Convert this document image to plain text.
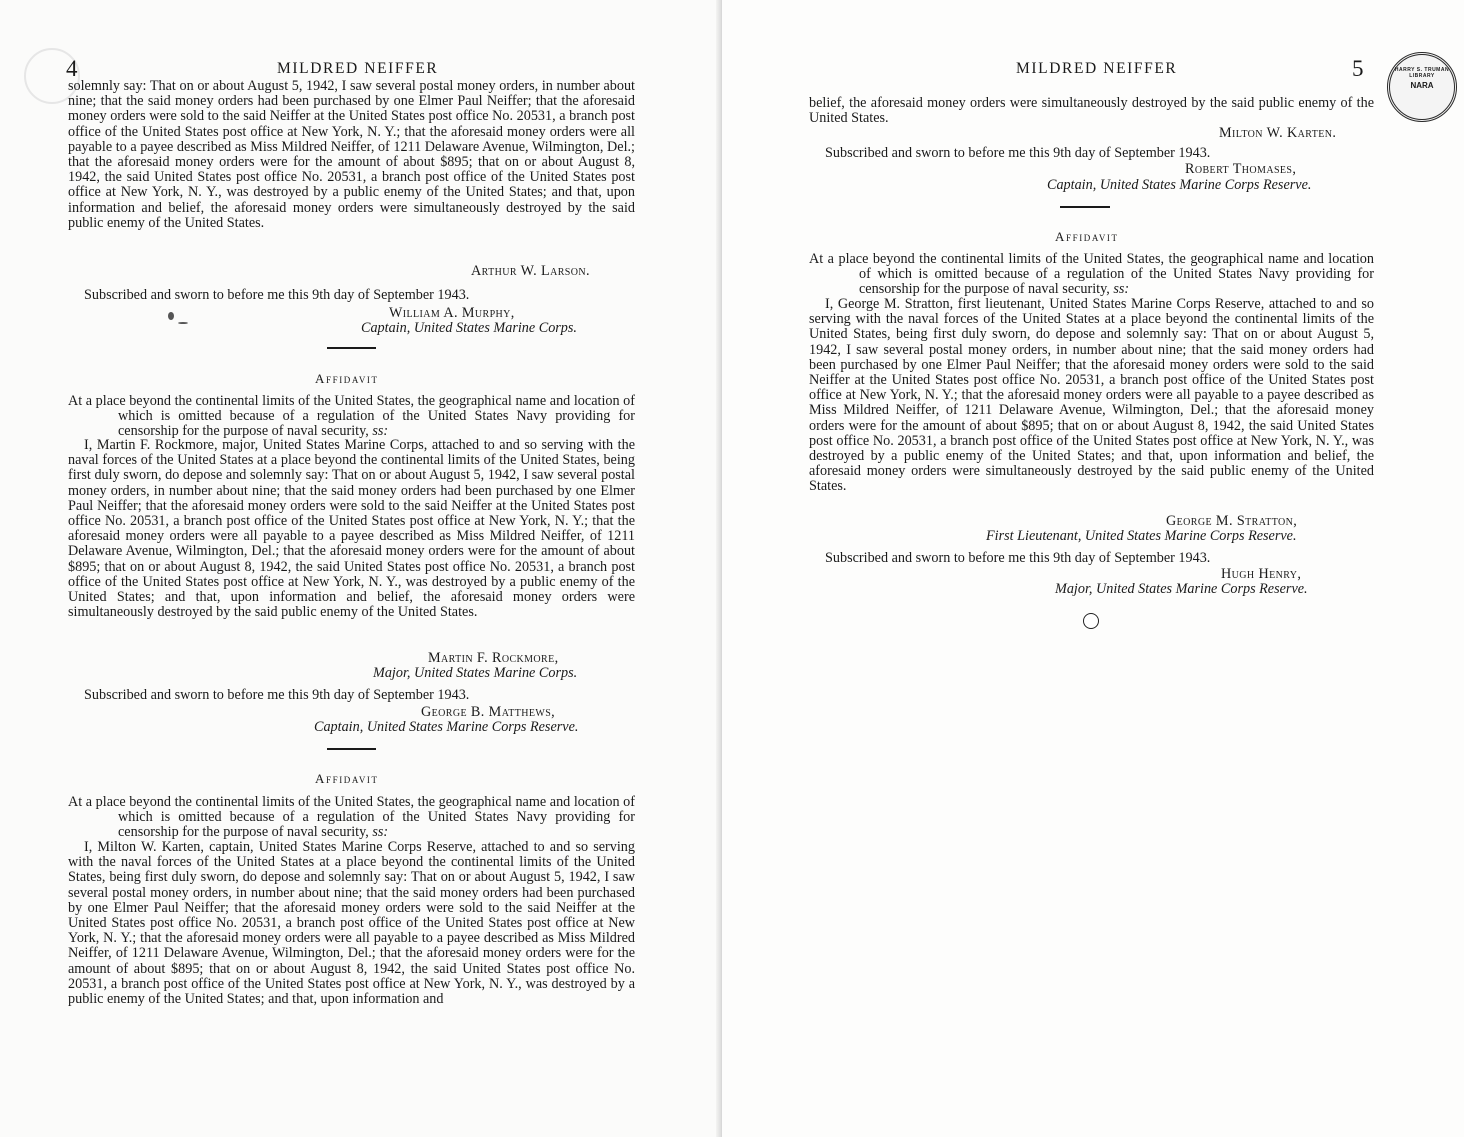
4	MILDRED NEIFFER

solemnly say: That on or about August 5, 1942, I saw several postal money orders, in number about nine; that the said money orders had been purchased by one Elmer Paul Neiffer; that the aforesaid money orders were sold to the said Neiffer at the United States post office No. 20531, a branch post office of the United States post office at New York, N. Y.; that the aforesaid money orders were all payable to a payee described as Miss Mildred Neiffer, of 1211 Delaware Avenue, Wilmington, Del.; that the aforesaid money orders were for the amount of about $895; that on or about August 8, 1942, the said United States post office No. 20531, a branch post office of the United States post office at New York, N. Y., was destroyed by a public enemy of the United States; and that, upon information and belief, the aforesaid money orders were simultaneously destroyed by the said public enemy of the United States.

Arthur W. Larson.

Subscribed and sworn to before me this 9th day of September 1943.

William A. Murphy,
Captain, United States Marine Corps.
Affidavit

At a place beyond the continental limits of the United States, the geographical name and location of which is omitted because of a regulation of the United States Navy providing for censorship for the purpose of naval security, ss:

I, Martin F. Rockmore, major, United States Marine Corps, attached to and so serving with the naval forces of the United States at a place beyond the continental limits of the United States, being first duly sworn, do depose and solemnly say: That on or about August 5, 1942, I saw several postal money orders, in number about nine; that the said money orders had been purchased by one Elmer Paul Neiffer; that the aforesaid money orders were sold to the said Neiffer at the United States post office No. 20531, a branch post office of the United States post office at New York, N. Y.; that the aforesaid money orders were all payable to a payee described as Miss Mildred Neiffer, of 1211 Delaware Avenue, Wilmington, Del.; that the aforesaid money orders were for the amount of about $895; that on or about August 8, 1942, the said United States post office No. 20531, a branch post office of the United States post office at New York, N. Y., was destroyed by a public enemy of the United States; and that, upon information and belief, the aforesaid money orders were simultaneously destroyed by the said public enemy of the United States.

Martin F. Rockmore,
Major, United States Marine Corps.

Subscribed and sworn to before me this 9th day of September 1943.

George B. Matthews,
Captain, United States Marine Corps Reserve.
Affidavit

At a place beyond the continental limits of the United States, the geographical name and location of which is omitted because of a regulation of the United States Navy providing for censorship for the purpose of naval security, ss:

I, Milton W. Karten, captain, United States Marine Corps Reserve, attached to and so serving with the naval forces of the United States at a place beyond the continental limits of the United States, being first duly sworn, do depose and solemnly say: That on or about August 5, 1942, I saw several postal money orders, in number about nine; that the said money orders had been purchased by one Elmer Paul Neiffer; that the aforesaid money orders were sold to the said Neiffer at the United States post office No. 20531, a branch post office of the United States post office at New York, N. Y.; that the aforesaid money orders were all payable to a payee described as Miss Mildred Neiffer, of 1211 Delaware Avenue, Wilmington, Del.; that the aforesaid money orders were for the amount of about $895; that on or about August 8, 1942, the said United States post office No. 20531, a branch post office of the United States post office at New York, N. Y., was destroyed by a public enemy of the United States; and that, upon information and

MILDRED NEIFFER	5

belief, the aforesaid money orders were simultaneously destroyed by the said public enemy of the United States.

Milton W. Karten.

Subscribed and sworn to before me this 9th day of September 1943.

Robert Thomases,
Captain, United States Marine Corps Reserve.
Affidavit

At a place beyond the continental limits of the United States, the geographical name and location of which is omitted because of a regulation of the United States Navy providing for censorship for the purpose of naval security, ss:

I, George M. Stratton, first lieutenant, United States Marine Corps Reserve, attached to and so serving with the naval forces of the United States at a place beyond the continental limits of the United States, being first duly sworn, do depose and solemnly say: That on or about August 5, 1942, I saw several postal money orders, in number about nine; that the said money orders had been purchased by one Elmer Paul Neiffer; that the aforesaid money orders were sold to the said Neiffer at the United States post office No. 20531, a branch post office of the United States post office at New York, N. Y.; that the aforesaid money orders were all payable to a payee described as Miss Mildred Neiffer, of 1211 Delaware Avenue, Wilmington, Del.; that the aforesaid money orders were for the amount of about $895; that on or about August 8, 1942, the said United States post office No. 20531, a branch post office of the United States post office at New York, N. Y., was destroyed by a public enemy of the United States; and that, upon information and belief, the aforesaid money orders were simultaneously destroyed by the said public enemy of the United States.

George M. Stratton,
First Lieutenant, United States Marine Corps Reserve.

Subscribed and sworn to before me this 9th day of September 1943.

Hugh Henry,
Major, United States Marine Corps Reserve.
HARRY S. TRUMAN LIBRARY
NARA
